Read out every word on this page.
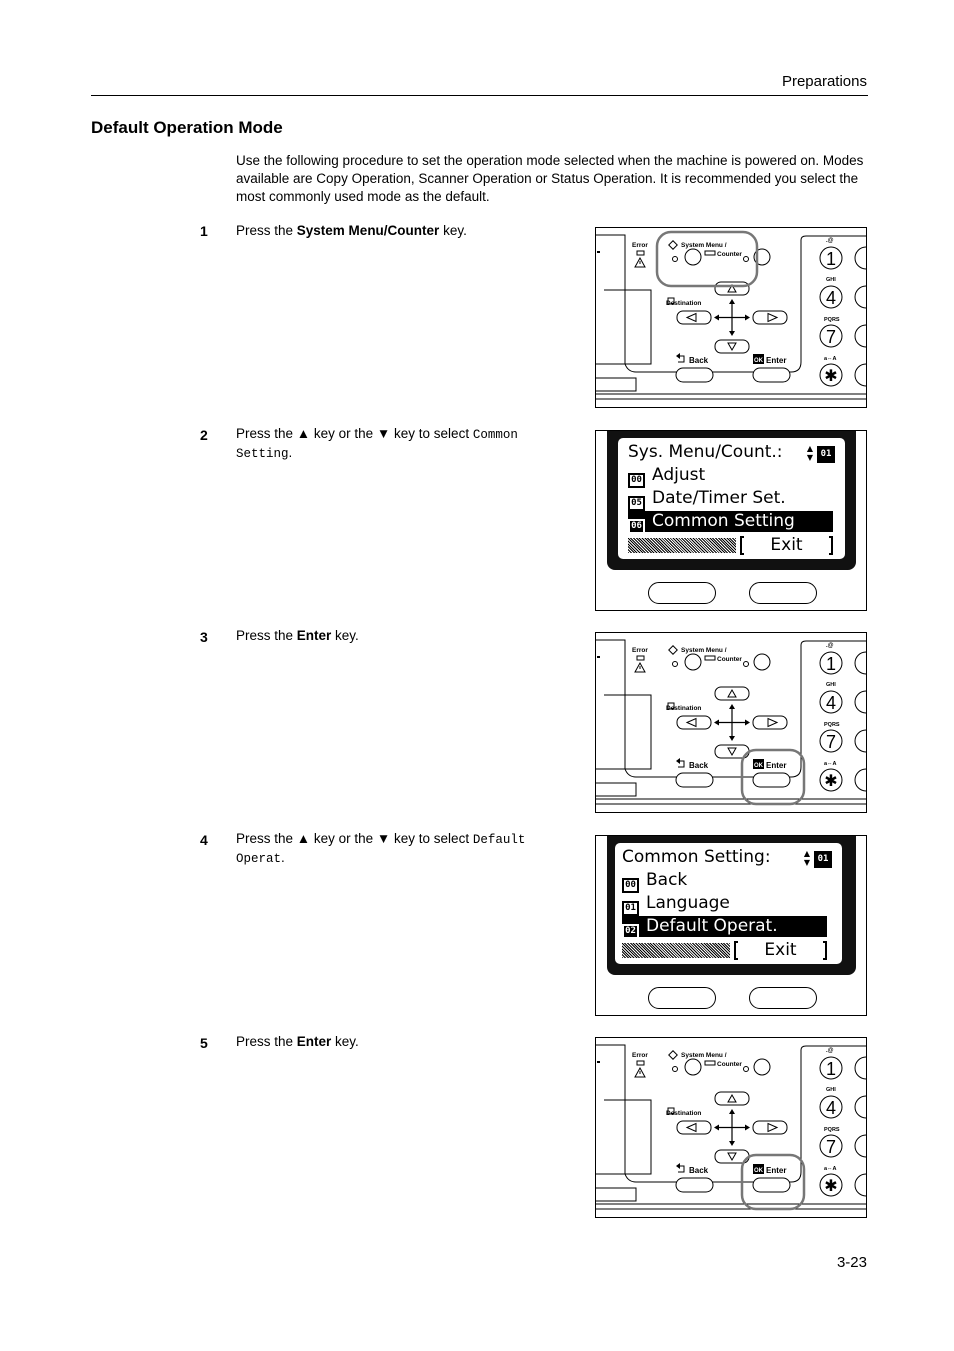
Preparations
Default Operation Mode
Use the following procedure to set the operation mode selected when the machine is powered on. Modes available are Copy Operation, Scanner Operation or Status Operation. It is recommended you select the most commonly used mode as the default.
1 Press the System Menu/Counter key.
2 Press the ▲ key or the ▼ key to select Common Setting.
3 Press the Enter key.
4 Press the ▲ key or the ▼ key to select Default Operat.
5 Press the Enter key.
Error	System Menu /
Counter
Destination
Back	OK Enter
.@
1
GHI
4
PQRS
7
a⇔A
✱
Sys. Menu/Count.:	▲
▼ 01
00 Adjust
05 Date/Timer Set.
06 Common Setting
Exit
Error	System Menu /
Counter
Destination
Back	OK Enter
.@
1
GHI
4
PQRS
7
a⇔A
✱
Common Setting:	▲
▼ 01
00 Back
01 Language
02 Default Operat.
Exit
Error	System Menu /
Counter
Destination
Back	OK Enter
.@
1
GHI
4
PQRS
7
a⇔A
✱
3-23
